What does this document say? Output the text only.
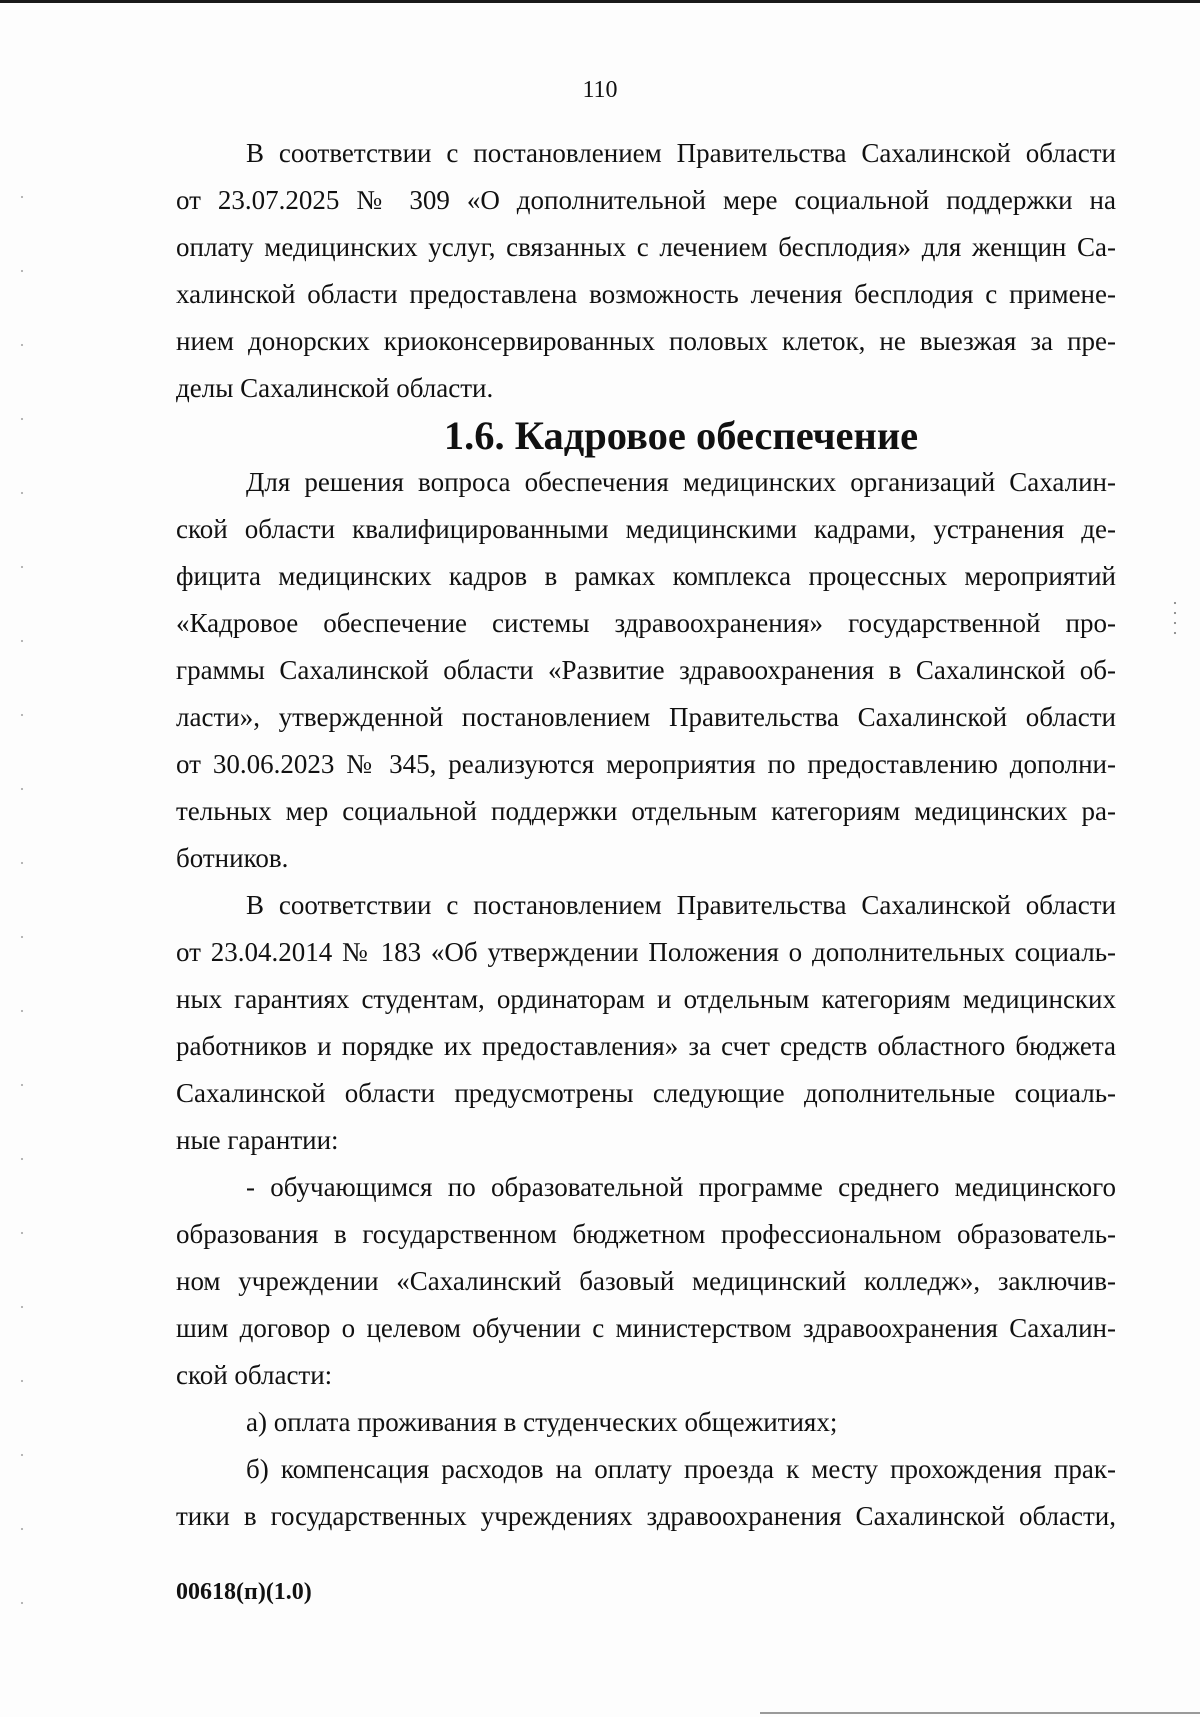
110

В соответствии с постановлением Правительства Сахалинской области
от 23.07.2025 № 309 «О дополнительной мере социальной поддержки на
оплату медицинских услуг, связанных с лечением бесплодия» для женщин Са-
халинской области предоставлена возможность лечения бесплодия с примене-
нием донорских криоконсервированных половых клеток, не выезжая за пре-
делы Сахалинской области.

1.6. Кадровое обеспечение

Для решения вопроса обеспечения медицинских организаций Сахалин-
ской области квалифицированными медицинскими кадрами, устранения де-
фицита медицинских кадров в рамках комплекса процессных мероприятий
«Кадровое обеспечение системы здравоохранения» государственной про-
граммы Сахалинской области «Развитие здравоохранения в Сахалинской об-
ласти», утвержденной постановлением Правительства Сахалинской области
от 30.06.2023 № 345, реализуются мероприятия по предоставлению дополни-
тельных мер социальной поддержки отдельным категориям медицинских ра-
ботников.

В соответствии с постановлением Правительства Сахалинской области
от 23.04.2014 № 183 «Об утверждении Положения о дополнительных социаль-
ных гарантиях студентам, ординаторам и отдельным категориям медицинских
работников и порядке их предоставления» за счет средств областного бюджета
Сахалинской области предусмотрены следующие дополнительные социаль-
ные гарантии:

- обучающимся по образовательной программе среднего медицинского
образования в государственном бюджетном профессиональном образователь-
ном учреждении «Сахалинский базовый медицинский колледж», заключив-
шим договор о целевом обучении с министерством здравоохранения Сахалин-
ской области:

а) оплата проживания в студенческих общежитиях;

б) компенсация расходов на оплату проезда к месту прохождения прак-
тики в государственных учреждениях здравоохранения Сахалинской области,

00618(п)(1.0)
